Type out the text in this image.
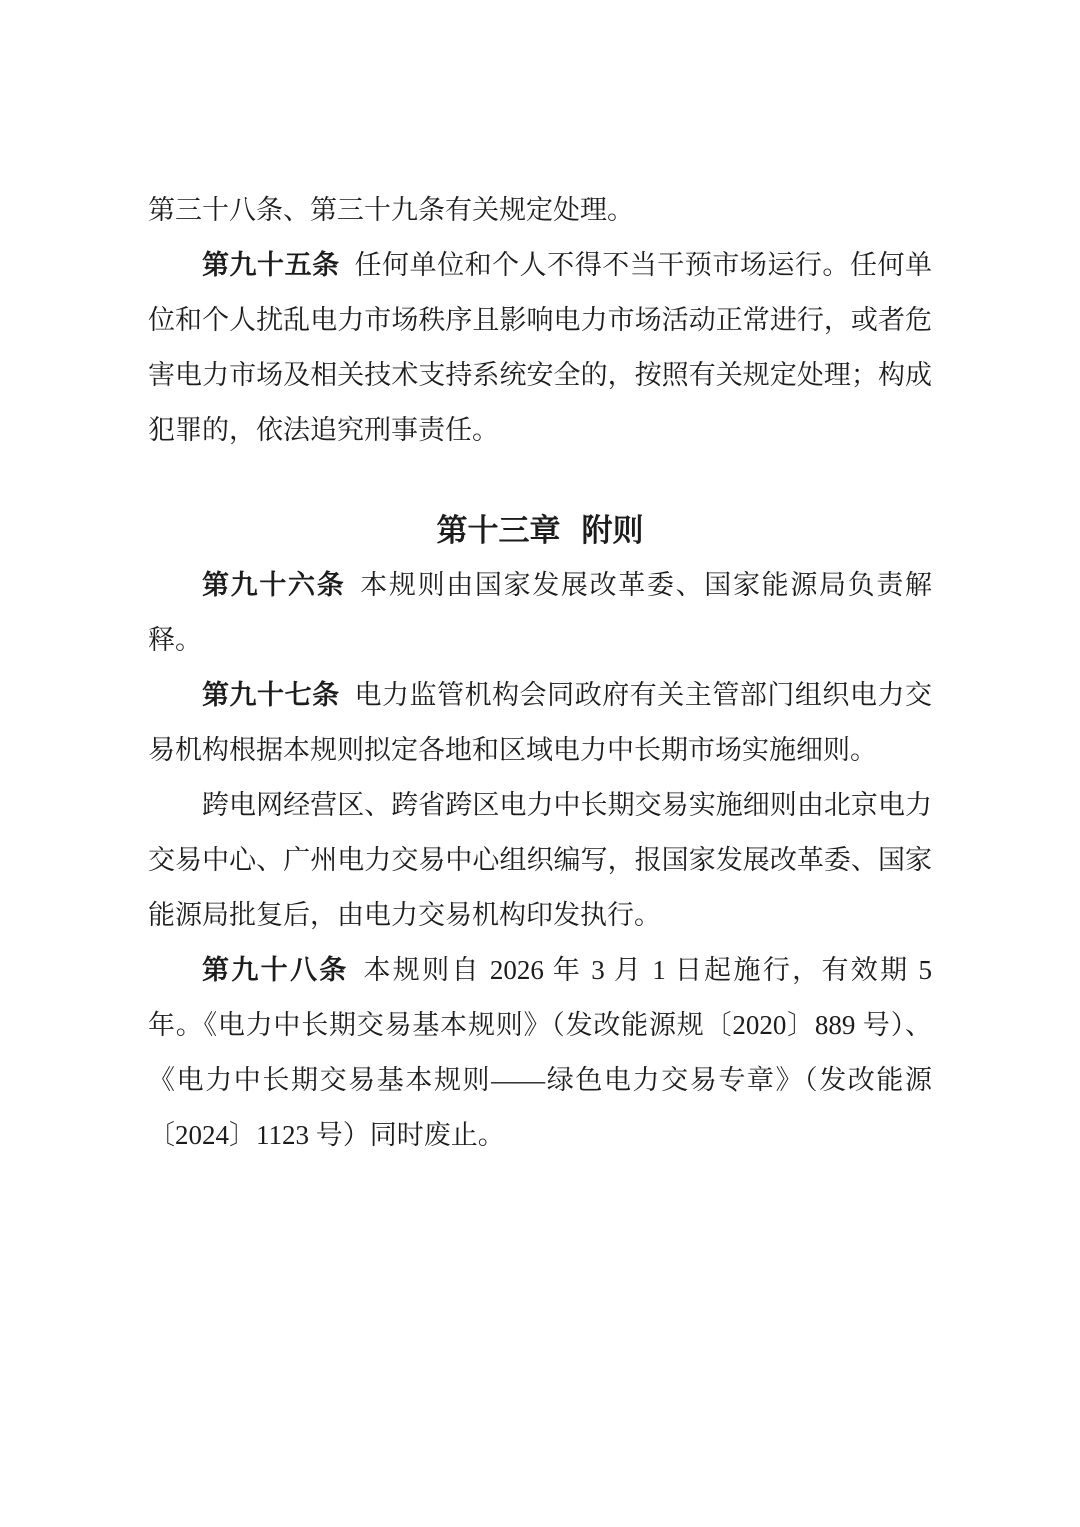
第三十八条、第三十九条有关规定处理。

第九十五条 任何单位和个人不得不当干预市场运行。任何单位和个人扰乱电力市场秩序且影响电力市场活动正常进行，或者危害电力市场及相关技术支持系统安全的，按照有关规定处理；构成犯罪的，依法追究刑事责任。

第十三章 附则

第九十六条 本规则由国家发展改革委、国家能源局负责解释。

第九十七条 电力监管机构会同政府有关主管部门组织电力交易机构根据本规则拟定各地和区域电力中长期市场实施细则。

跨电网经营区、跨省跨区电力中长期交易实施细则由北京电力交易中心、广州电力交易中心组织编写，报国家发展改革委、国家能源局批复后，由电力交易机构印发执行。

第九十八条 本规则自 2026 年 3 月 1 日起施行，有效期 5 年。《电力中长期交易基本规则》（发改能源规〔2020〕889 号）、《电力中长期交易基本规则——绿色电力交易专章》（发改能源〔2024〕1123 号）同时废止。
